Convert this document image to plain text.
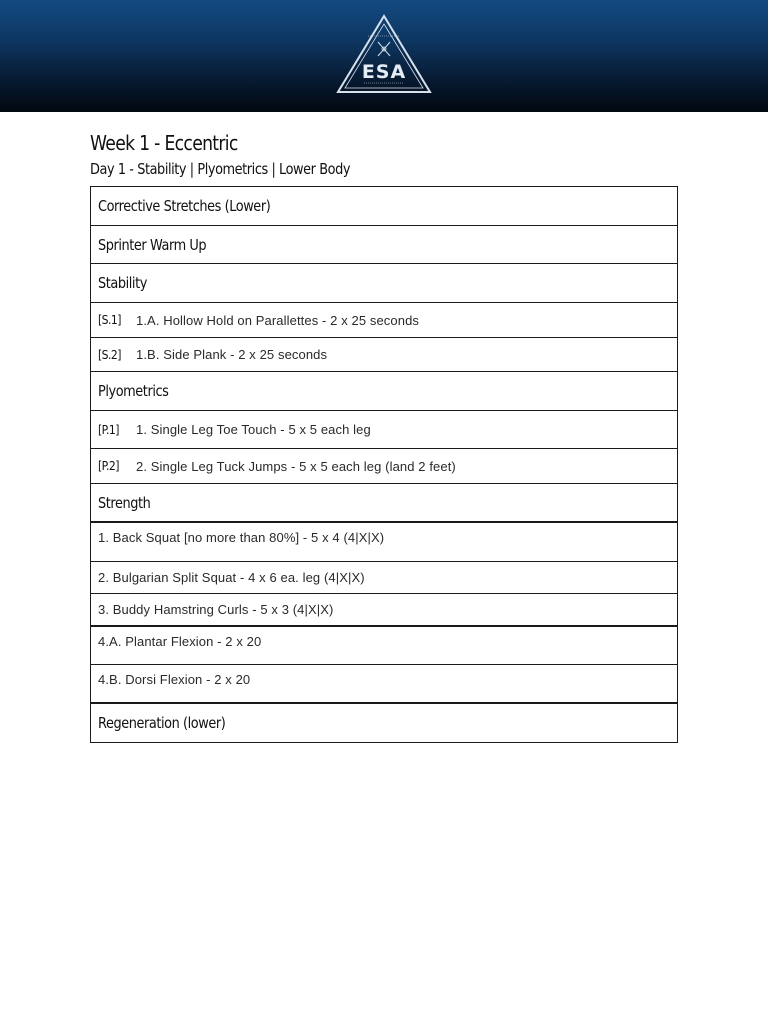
ESA
Week 1 - Eccentric
Day 1 - Stability | Plyometrics | Lower Body
Corrective Stretches (Lower)
Sprinter Warm Up
Stability
[S.1]	1.A. Hollow Hold on Parallettes - 2 x 25 seconds
[S.2]	1.B. Side Plank - 2 x 25 seconds
Plyometrics
[P.1]	1. Single Leg Toe Touch - 5 x 5 each leg
[P.2]	2. Single Leg Tuck Jumps - 5 x 5 each leg (land 2 feet)
Strength
1. Back Squat [no more than 80%] - 5 x 4 (4|X|X)
2. Bulgarian Split Squat - 4 x 6 ea. leg (4|X|X)
3. Buddy Hamstring Curls - 5 x 3 (4|X|X)
4.A. Plantar Flexion - 2 x 20
4.B. Dorsi Flexion - 2 x 20
Regeneration (lower)
